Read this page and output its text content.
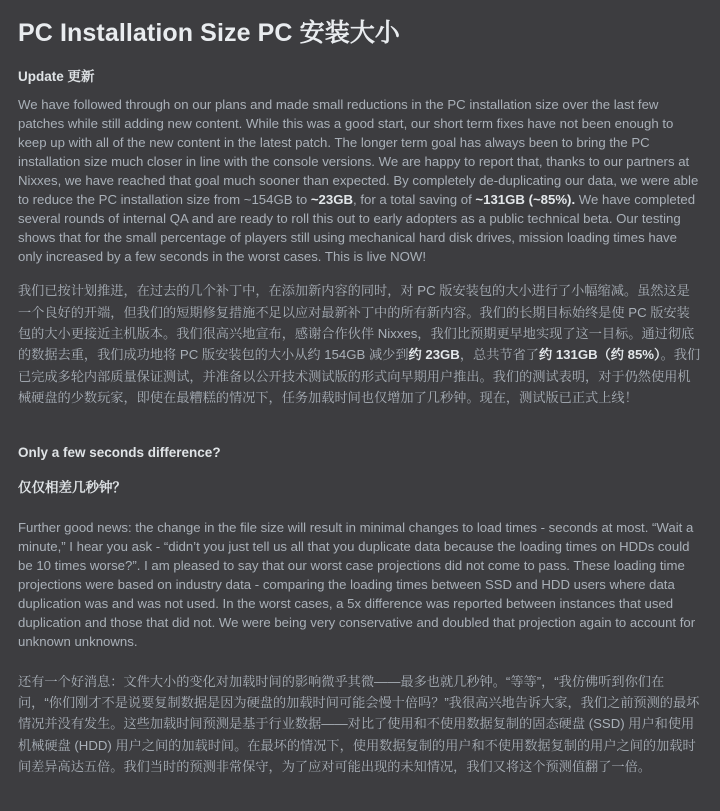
PC Installation Size PC 安装大小
Update 更新

We have followed through on our plans and made small reductions in the PC installation size over the last few patches while still adding new content. While this was a good start, our short term fixes have not been enough to keep up with all of the new content in the latest patch. The longer term goal has always been to bring the PC installation size much closer in line with the console versions. We are happy to report that, thanks to our partners at Nixxes, we have reached that goal much sooner than expected. By completely de-duplicating our data, we were able to reduce the PC installation size from ~154GB to ~23GB, for a total saving of ~131GB (~85%). We have completed several rounds of internal QA and are ready to roll this out to early adopters as a public technical beta. Our testing shows that for the small percentage of players still using mechanical hard disk drives, mission loading times have only increased by a few seconds in the worst cases. This is live NOW!

我们已按计划推进，在过去的几个补丁中，在添加新内容的同时，对 PC 版安装包的大小进行了小幅缩减。虽然这是一个良好的开端，但我们的短期修复措施不足以应对最新补丁中的所有新内容。我们的长期目标始终是使 PC 版安装包的大小更接近主机版本。我们很高兴地宣布，感谢合作伙伴 Nixxes，我们比预期更早地实现了这一目标。通过彻底的数据去重，我们成功地将 PC 版安装包的大小从约 154GB 减少到约 23GB，总共节省了约 131GB（约 85%）。我们已完成多轮内部质量保证测试，并准备以公开技术测试版的形式向早期用户推出。我们的测试表明，对于仍然使用机械硬盘的少数玩家，即使在最糟糕的情况下，任务加载时间也仅增加了几秒钟。现在，测试版已正式上线！

Only a few seconds difference?
仅仅相差几秒钟？

Further good news: the change in the file size will result in minimal changes to load times - seconds at most. “Wait a minute,” I hear you ask - “didn’t you just tell us all that you duplicate data because the loading times on HDDs could be 10 times worse?”. I am pleased to say that our worst case projections did not come to pass. These loading time projections were based on industry data - comparing the loading times between SSD and HDD users where data duplication was and was not used. In the worst cases, a 5x difference was reported between instances that used duplication and those that did not. We were being very conservative and doubled that projection again to account for unknown unknowns.

还有一个好消息：文件大小的变化对加载时间的影响微乎其微——最多也就几秒钟。“等等”，“我仿佛听到你们在问，“你们刚才不是说要复制数据是因为硬盘的加载时间可能会慢十倍吗？”我很高兴地告诉大家，我们之前预测的最坏情况并没有发生。这些加载时间预测是基于行业数据——对比了使用和不使用数据复制的固态硬盘 (SSD) 用户和使用机械硬盘 (HDD) 用户之间的加载时间。在最坏的情况下，使用数据复制的用户和不使用数据复制的用户之间的加载时间差异高达五倍。我们当时的预测非常保守，为了应对可能出现的未知情况，我们又将这个预测值翻了一倍。
